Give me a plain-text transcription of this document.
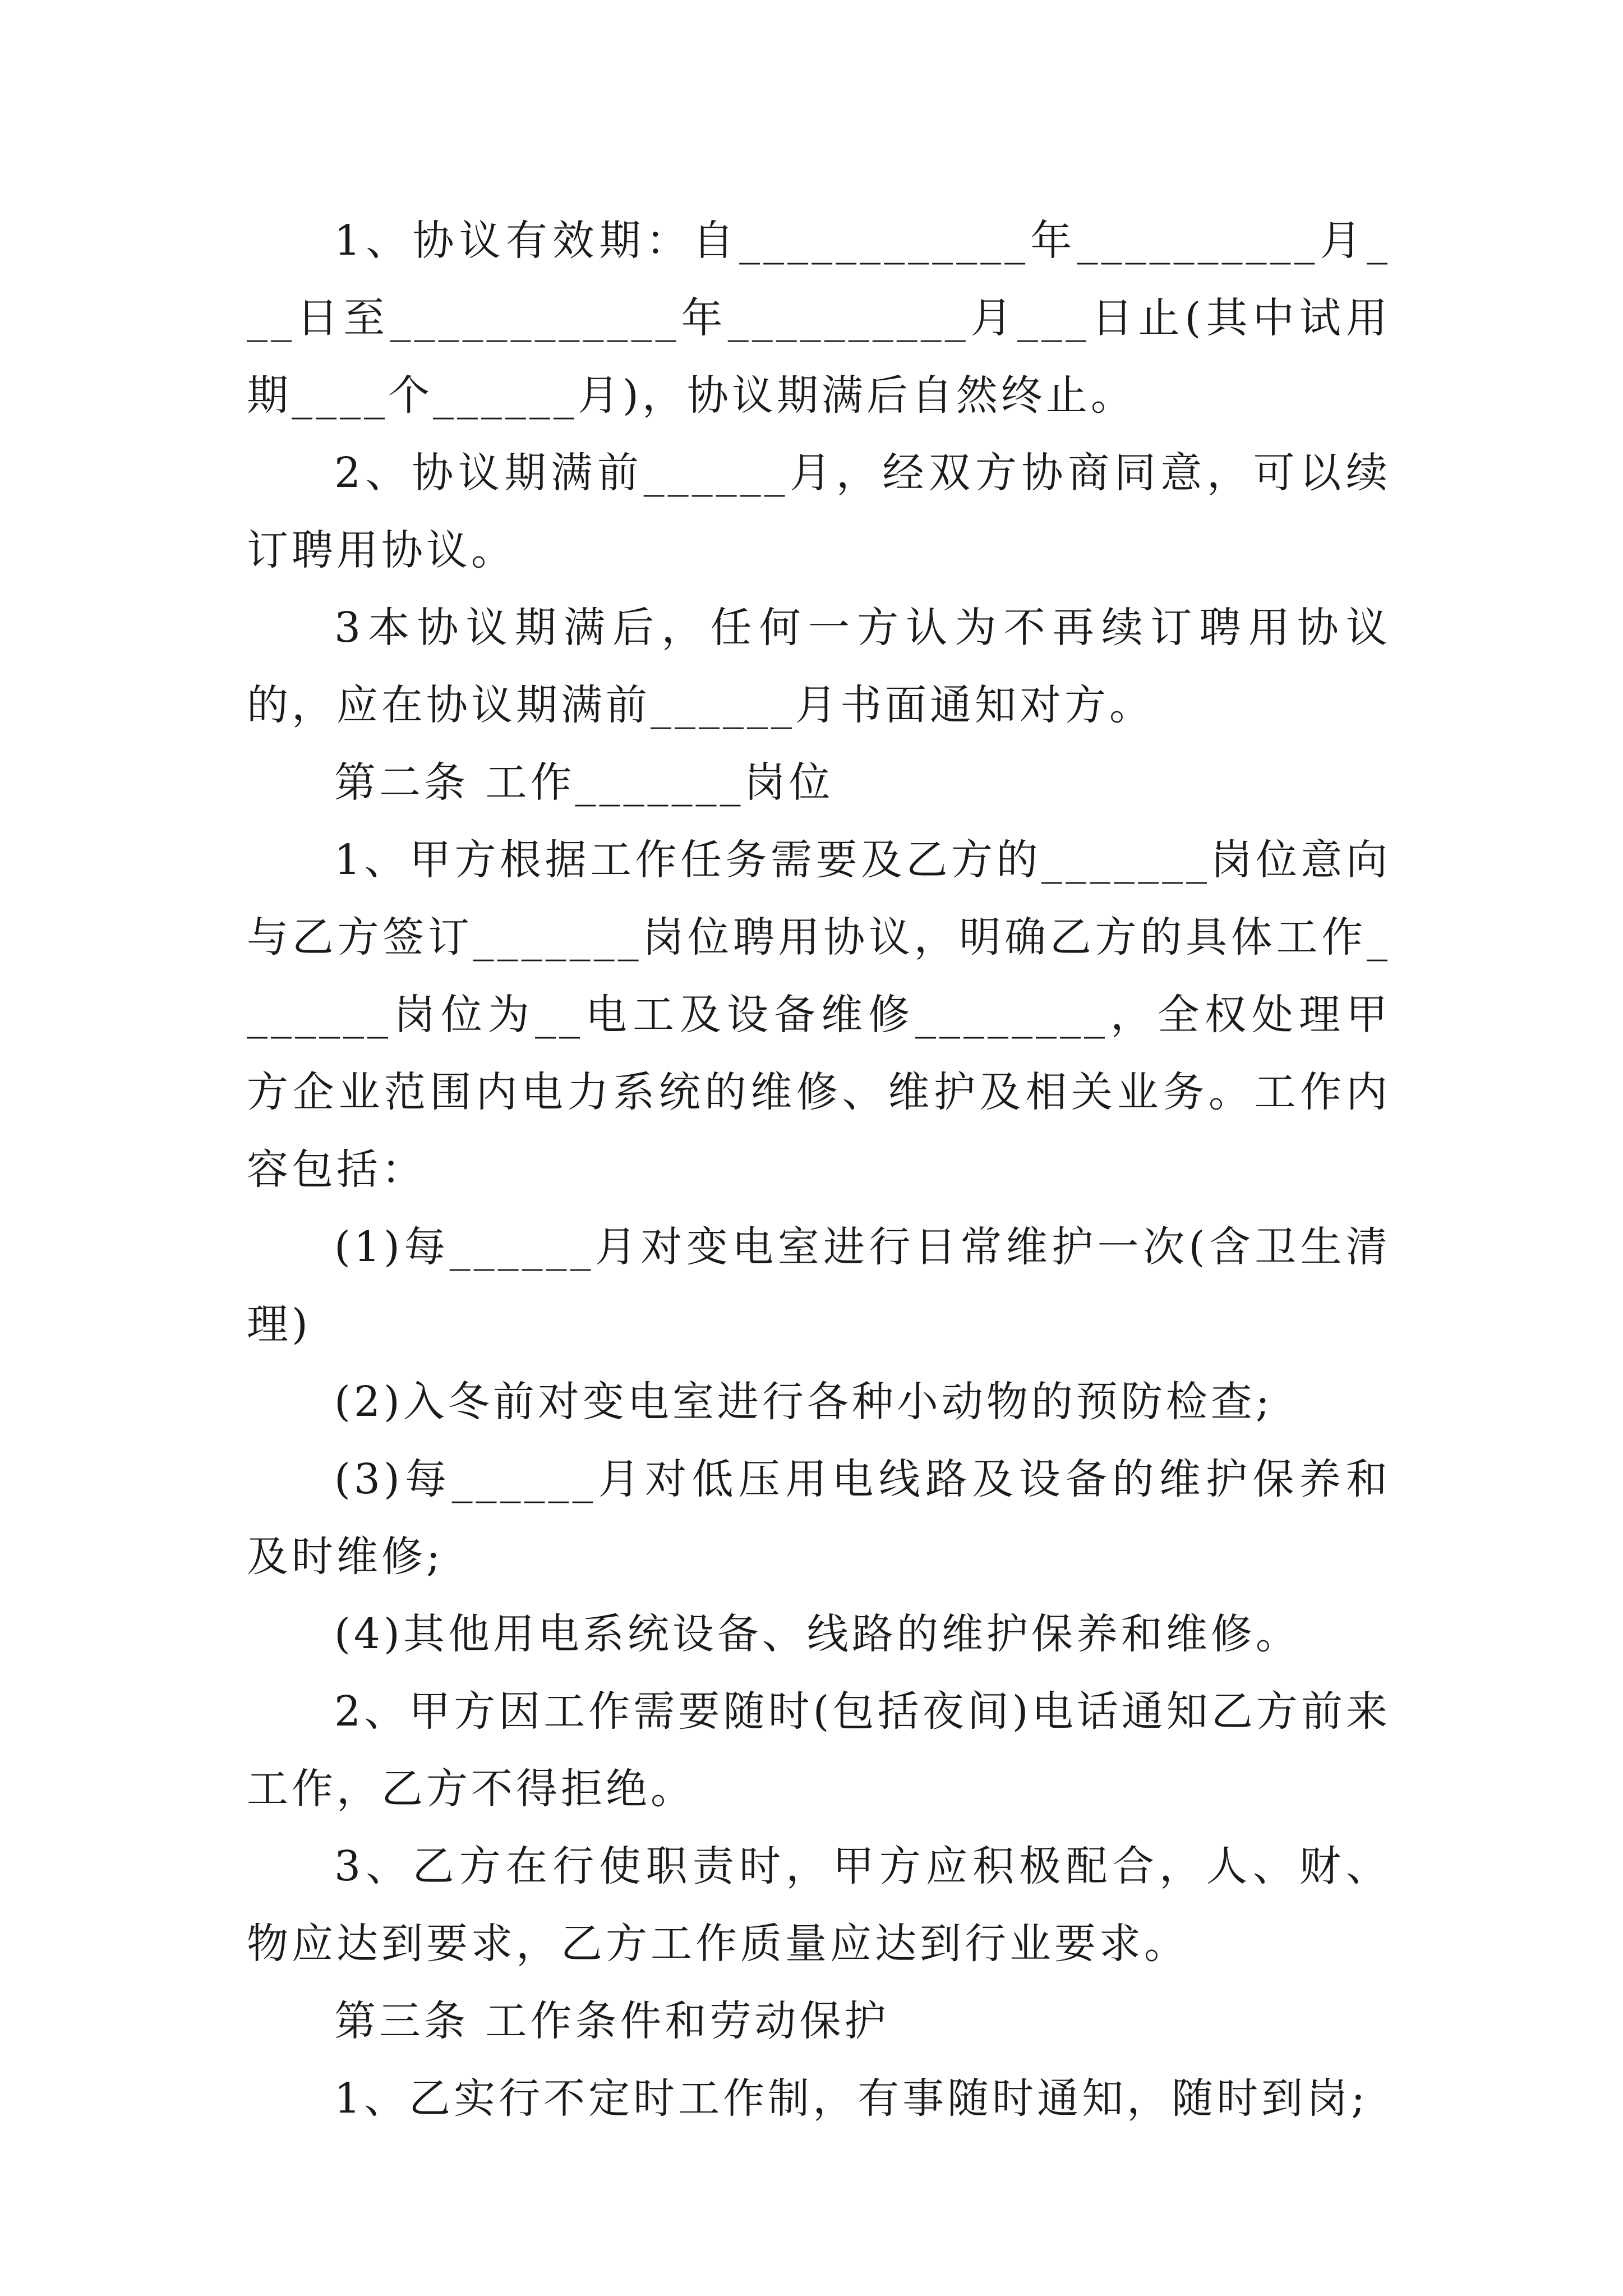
1、协议有效期：自____________年__________月___日至____________年__________月___日止(其中试用期____个______月)，协议期满后自然终止。

2、协议期满前______月，经双方协商同意，可以续订聘用协议。

3本协议期满后，任何一方认为不再续订聘用协议的，应在协议期满前______月书面通知对方。

第二条 工作_______岗位

1、甲方根据工作任务需要及乙方的_______岗位意向与乙方签订_______岗位聘用协议，明确乙方的具体工作_______岗位为__电工及设备维修________，全权处理甲方企业范围内电力系统的维修、维护及相关业务。工作内容包括：

(1)每______月对变电室进行日常维护一次(含卫生清理)

(2)入冬前对变电室进行各种小动物的预防检查;

(3)每______月对低压用电线路及设备的维护保养和及时维修;

(4)其他用电系统设备、线路的维护保养和维修。

2、甲方因工作需要随时(包括夜间)电话通知乙方前来工作，乙方不得拒绝。

3、乙方在行使职责时，甲方应积极配合，人、财、物应达到要求，乙方工作质量应达到行业要求。

第三条 工作条件和劳动保护

1、乙实行不定时工作制，有事随时通知，随时到岗;
